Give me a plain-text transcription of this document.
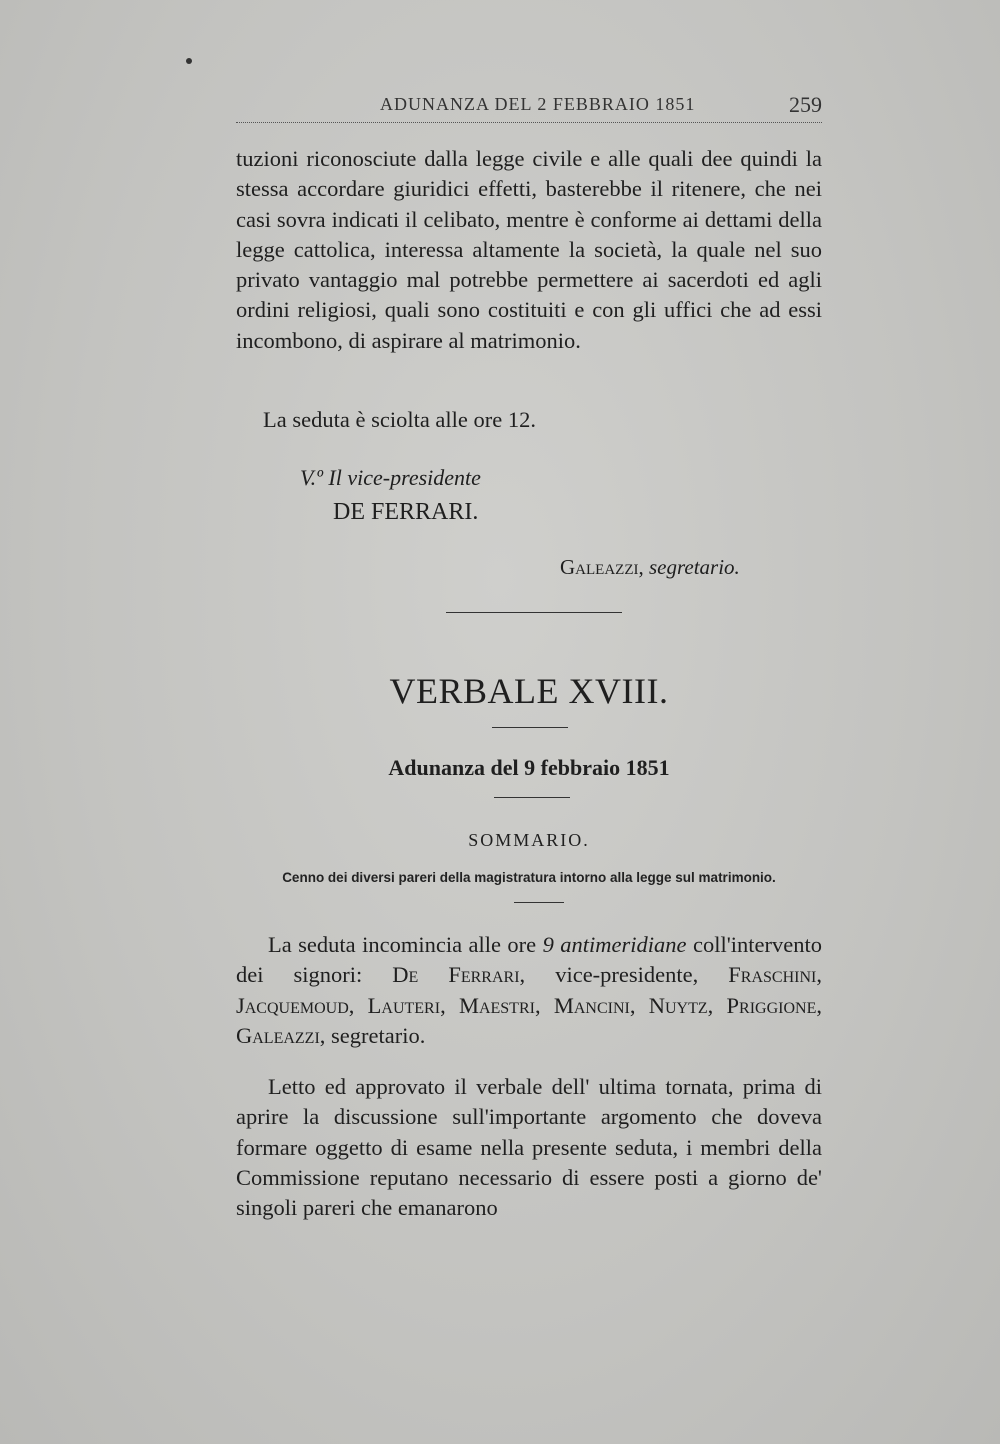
ADUNANZA DEL 2 FEBBRAIO 1851	259
tuzioni riconosciute dalla legge civile e alle quali dee quindi la stessa accordare giuridici effetti, basterebbe il ritenere, che nei casi sovra indicati il celibato, mentre è conforme ai dettami della legge cattolica, interessa altamente la società, la quale nel suo privato vantaggio mal potrebbe permettere ai sacerdoti ed agli ordini religiosi, quali sono costituiti e con gli uffici che ad essi incombono, di aspirare al matrimonio.
La seduta è sciolta alle ore 12.
V.º Il vice-presidente
DE FERRARI.
Galeazzi, segretario.
VERBALE XVIII.
Adunanza del 9 febbraio 1851
SOMMARIO.
Cenno dei diversi pareri della magistratura intorno alla legge sul matrimonio.
La seduta incomincia alle ore 9 antimeridiane coll'intervento dei signori: De Ferrari, vice-presidente, Fraschini, Jacquemoud, Lauteri, Maestri, Mancini, Nuytz, Priggione, Galeazzi, segretario.
Letto ed approvato il verbale dell' ultima tornata, prima di aprire la discussione sull'importante argomento che doveva formare oggetto di esame nella presente seduta, i membri della Commissione reputano necessario di essere posti a giorno de' singoli pareri che emanarono
